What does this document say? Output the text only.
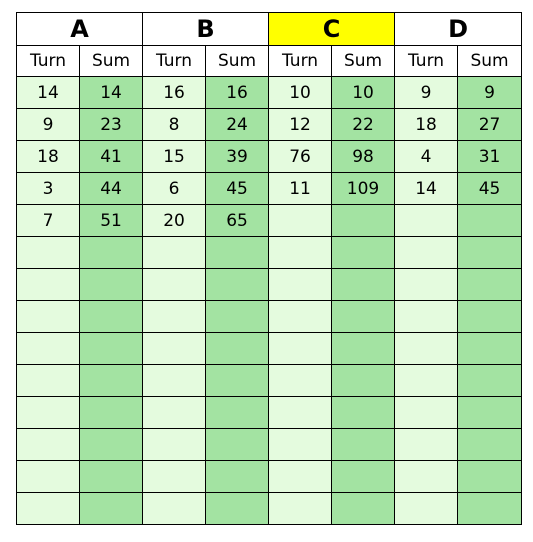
A		B		C		D	
Turn	Sum	Turn	Sum	Turn	Sum	Turn	Sum
14	14	16	16	10	10	9	9
9	23	8	24	12	22	18	27
18	41	15	39	76	98	4	31
3	44	6	45	11	109	14	45
7	51	20	65				
